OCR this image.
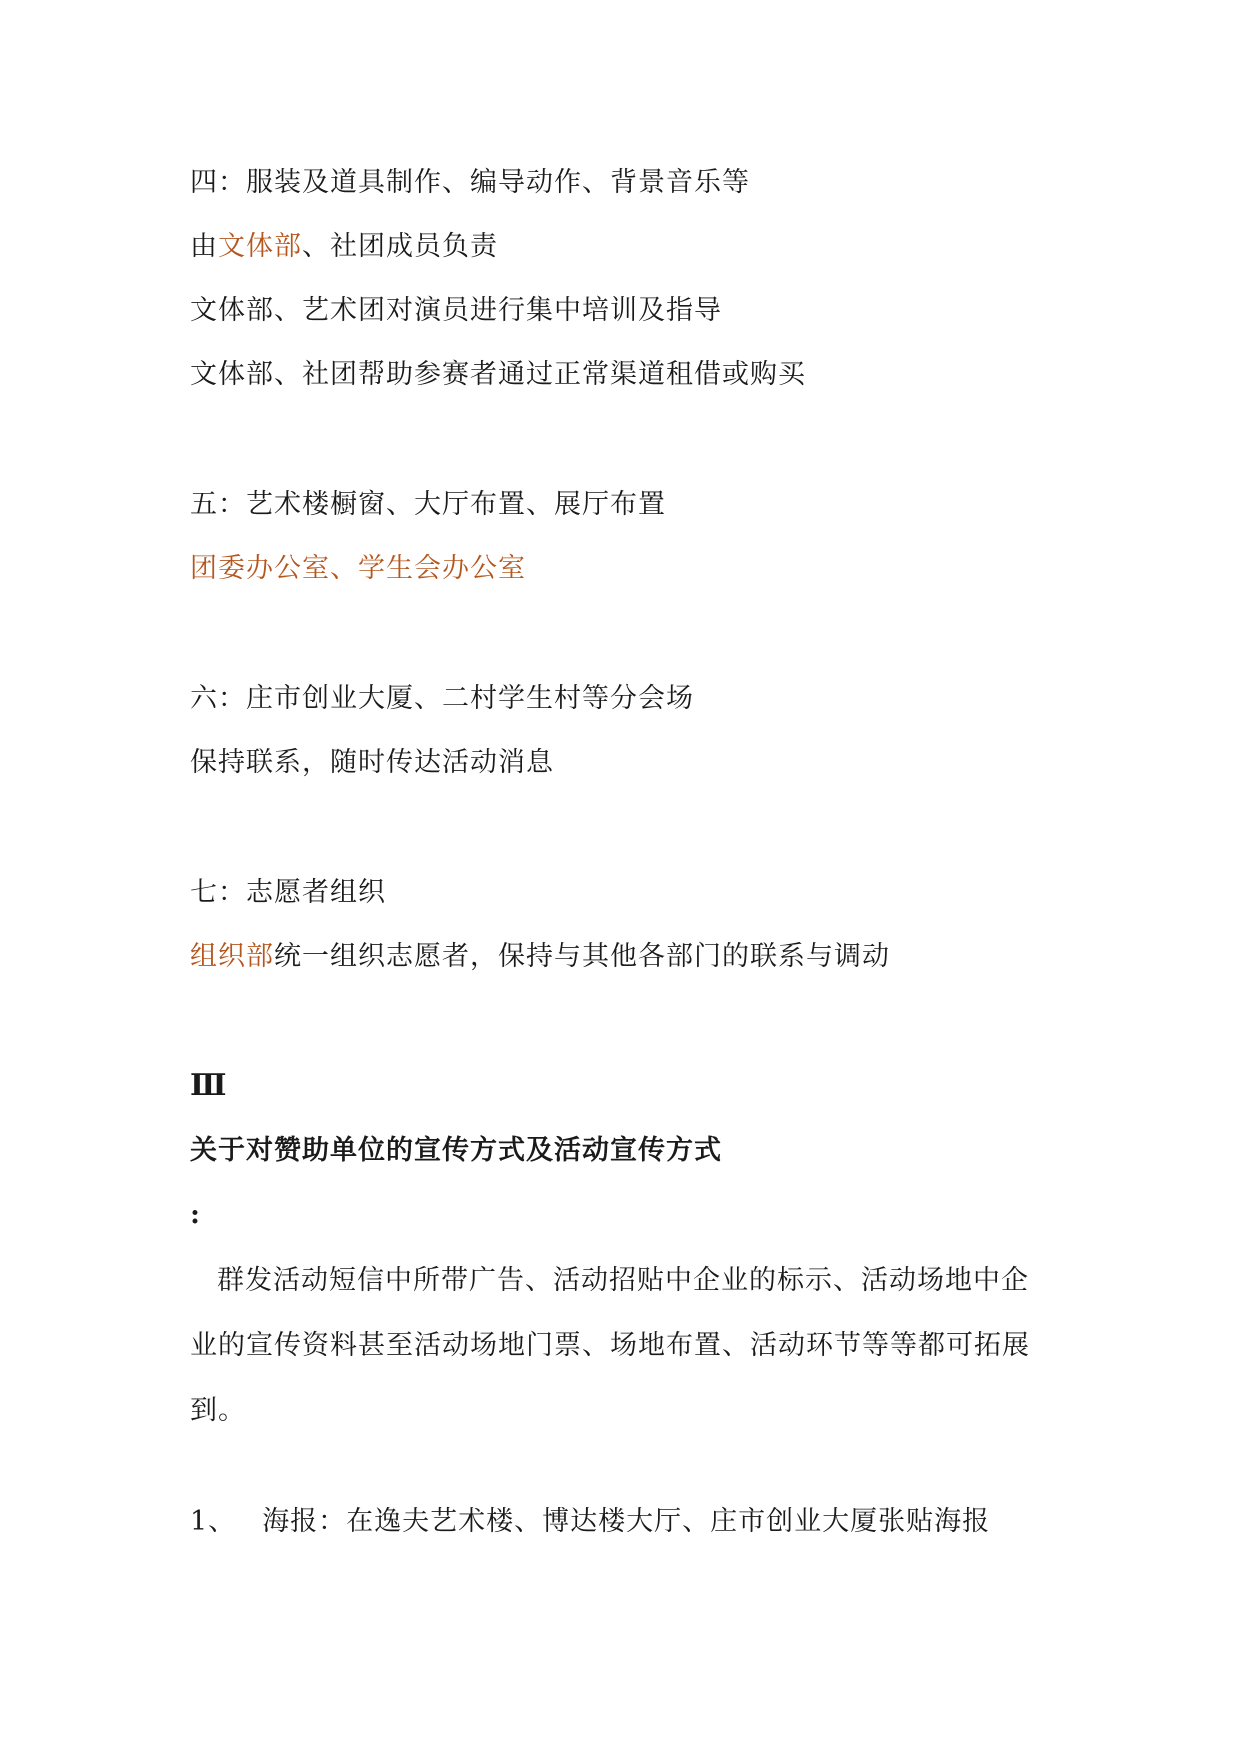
四：服装及道具制作、编导动作、背景音乐等
由文体部、社团成员负责
文体部、艺术团对演员进行集中培训及指导
文体部、社团帮助参赛者通过正常渠道租借或购买
五：艺术楼橱窗、大厅布置、展厅布置
团委办公室、学生会办公室
六：庄市创业大厦、二村学生村等分会场
保持联系，随时传达活动消息
七：志愿者组织
组织部统一组织志愿者，保持与其他各部门的联系与调动
Ⅲ
关于对赞助单位的宣传方式及活动宣传方式
:
群发活动短信中所带广告、活动招贴中企业的标示、活动场地中企业的宣传资料甚至活动场地门票、场地布置、活动环节等等都可拓展到。
1、 海报：在逸夫艺术楼、博达楼大厅、庄市创业大厦张贴海报
